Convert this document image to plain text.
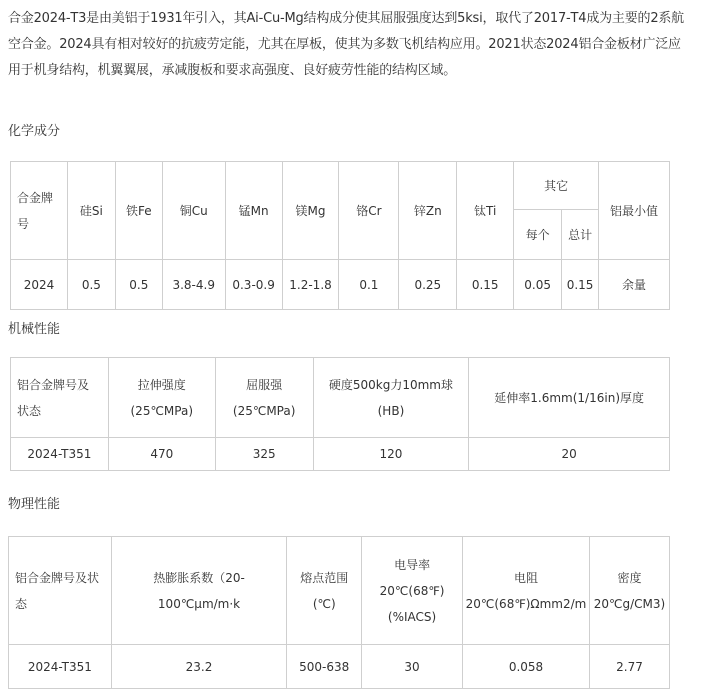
合金2024-T3是由美铝于1931年引入，其Ai-Cu-Mg结构成分使其屈服强度达到5ksi，取代了2017-T4成为主要的2系航
空合金。2024具有相对较好的抗疲劳定能，尤其在厚板，使其为多数飞机结构应用。2021状态2024铝合金板材广泛应
用于机身结构，机翼翼展，承减腹板和要求高强度、良好疲劳性能的结构区域。
化学成分
合金牌
号	硅Si	铁Fe	铜Cu	锰Mn	镁Mg	铬Cr	锌Zn	钛Ti	其它		铝最小值
									每个	总计	
2024	0.5	0.5	3.8-4.9	0.3-0.9	1.2-1.8	0.1	0.25	0.15	0.05	0.15	余量
机械性能
铝合金牌号及
状态	拉伸强度
(25℃MPa)	屈服强
(25℃MPa)	硬度500kg力10mm球
(HB)	延伸率1.6mm(1/16in)厚度
2024-T351	470	325	120	20
物理性能
铝合金牌号及状
态	热膨胀系数（20-
100℃μm/m·k	熔点范围
(℃)	电导率
20℃(68℉)
(%IACS)	电阻
20℃(68℉)Ωmm2/m	密度
20℃g/CM3)

2024-T351	23.2	500-638	30	0.058	2.77
